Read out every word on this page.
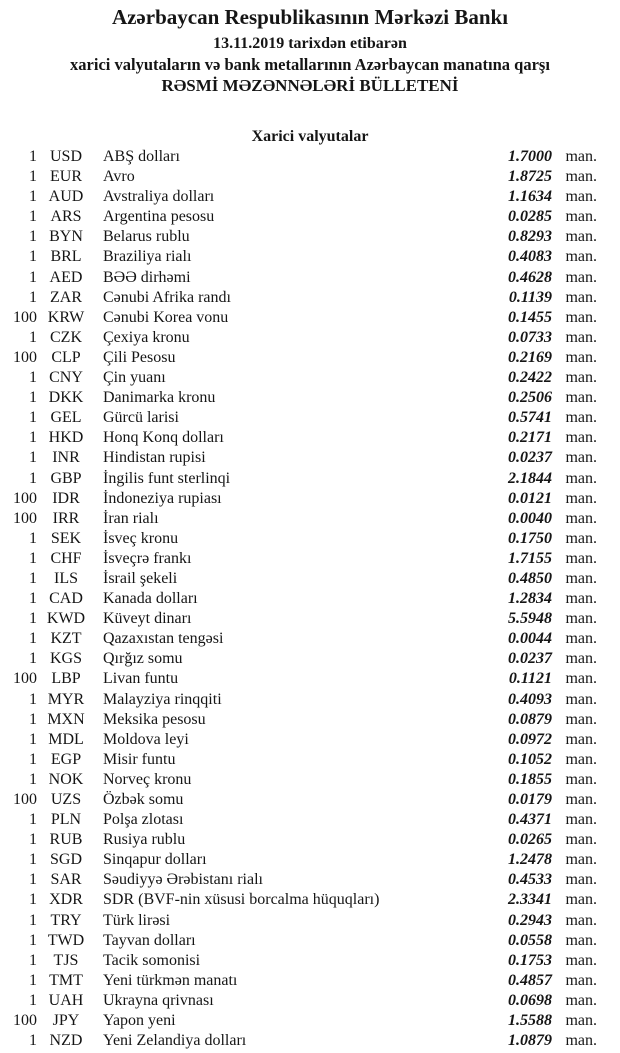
Azərbaycan Respublikasının Mərkəzi Bankı
13.11.2019 tarixdən etibarən
xarici valyutaların və bank metallarının Azərbaycan manatına qarşı
RƏSMİ MƏZƏNNƏLƏRİ BÜLLETENİ
Xarici valyutalar
1 USD	ABŞ dolları	1.7000 man.
1 EUR	Avro	1.8725 man.
1 AUD	Avstraliya dolları	1.1634 man.
1 ARS	Argentina pesosu	0.0285 man.
1 BYN	Belarus rublu	0.8293 man.
1 BRL	Braziliya rialı	0.4083 man.
1 AED	BƏƏ dirhəmi	0.4628 man.
1 ZAR	Cənubi Afrika randı	0.1139 man.
100 KRW	Cənubi Korea vonu	0.1455 man.
1 CZK	Çexiya kronu	0.0733 man.
100 CLP	Çili Pesosu	0.2169 man.
1 CNY	Çin yuanı	0.2422 man.
1 DKK	Danimarka kronu	0.2506 man.
1 GEL	Gürcü larisi	0.5741 man.
1 HKD	Honq Konq dolları	0.2171 man.
1 INR	Hindistan rupisi	0.0237 man.
1 GBP	İngilis funt sterlinqi	2.1844 man.
100 IDR	İndoneziya rupiası	0.0121 man.
100 IRR	İran rialı	0.0040 man.
1 SEK	İsveç kronu	0.1750 man.
1 CHF	İsveçrə frankı	1.7155 man.
1	ILS	İsrail şekeli	0.4850 man.
1 CAD	Kanada dolları	1.2834 man.
1 KWD	Küveyt dinarı	5.5948 man.
1 KZT	Qazaxıstan tengəsi	0.0044 man.
1 KGS	Qırğız somu	0.0237 man.
100 LBP	Livan funtu	0.1121 man.
1 MYR	Malayziya rinqqiti	0.4093 man.
1 MXN	Meksika pesosu	0.0879 man.
1 MDL	Moldova leyi	0.0972 man.
1 EGP	Misir funtu	0.1052 man.
1 NOK	Norveç kronu	0.1855 man.
100 UZS	Özbək somu	0.0179 man.
1 PLN	Polşa zlotası	0.4371 man.
1 RUB	Rusiya rublu	0.0265 man.
1 SGD	Sinqapur dolları	1.2478 man.
1 SAR	Səudiyyə Ərəbistanı rialı	0.4533 man.
1 XDR	SDR (BVF-nin xüsusi borcalma hüquqları)	2.3341 man.
1 TRY	Türk lirəsi	0.2943 man.
1 TWD	Tayvan dolları	0.0558 man.
1	TJS	Tacik somonisi	0.1753 man.
1 TMT	Yeni türkmən manatı	0.4857 man.
1 UAH	Ukrayna qrivnası	0.0698 man.
100 JPY	Yapon yeni	1.5588 man.
1 NZD	Yeni Zelandiya dolları	1.0879 man.
